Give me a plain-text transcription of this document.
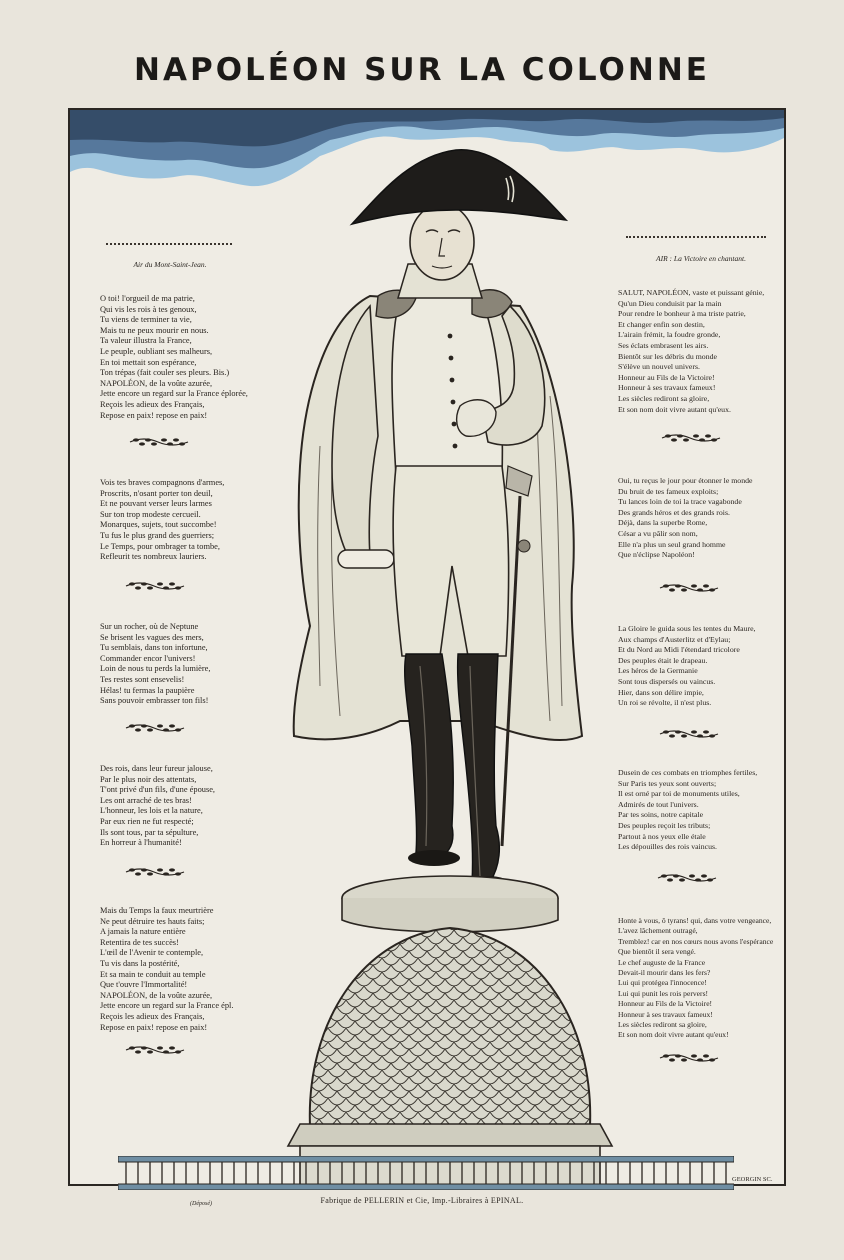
NAPOLÉON SUR LA COLONNE

Air du Mont-Saint-Jean.

O toi! l'orgueil de ma patrie,
Qui vis les rois à tes genoux,
Tu viens de terminer ta vie,
Mais tu ne peux mourir en nous.
Ta valeur illustra la France,
Le peuple, oubliant ses malheurs,
En toi mettait son espérance,
Ton trépas (fait couler ses pleurs. Bis.)
NAPOLÉON, de la voûte azurée,
Jette encore un regard sur la France éplorée,
Reçois les adieux des Français,
Repose en paix! repose en paix!

Vois tes braves compagnons d'armes,
Proscrits, n'osant porter ton deuil,
Et ne pouvant verser leurs larmes
Sur ton trop modeste cercueil.
Monarques, sujets, tout succombe!
Tu fus le plus grand des guerriers;
Le Temps, pour ombrager ta tombe,
Refleurit tes nombreux lauriers.

Sur un rocher, où de Neptune
Se brisent les vagues des mers,
Tu semblais, dans ton infortune,
Commander encor l'univers!
Loin de nous tu perds la lumière,
Tes restes sont ensevelis!
Hélas! tu fermas la paupière
Sans pouvoir embrasser ton fils!

Des rois, dans leur fureur jalouse,
Par le plus noir des attentats,
T'ont privé d'un fils, d'une épouse,
Les ont arraché de tes bras!
L'honneur, les lois et la nature,
Par eux rien ne fut respecté;
Ils sont tous, par ta sépulture,
En horreur à l'humanité!

Mais du Temps la faux meurtrière
Ne peut détruire tes hauts faits;
A jamais la nature entière
Retentira de tes succès!
L'œil de l'Avenir te contemple,
Tu vis dans la postérité,
Et sa main te conduit au temple
Que t'ouvre l'Immortalité!
NAPOLÉON, de la voûte azurée,
Jette encore un regard sur la France épl.
Reçois les adieux des Français,
Repose en paix! repose en paix!

AIR : La Victoire en chantant.

SALUT, NAPOLÉON, vaste et puissant génie,
Qu'un Dieu conduisit par la main
Pour rendre le bonheur à ma triste patrie,
Et changer enfin son destin,
L'airain frémit, la foudre gronde,
Ses éclats embrasent les airs.
Bientôt sur les débris du monde
S'élève un nouvel univers.
Honneur au Fils de la Victoire!
Honneur à ses travaux fameux!
Les siècles rediront sa gloire,
Et son nom doit vivre autant qu'eux.

Oui, tu reçus le jour pour étonner le monde
Du bruit de tes fameux exploits;
Tu lances loin de toi la trace vagabonde
Des grands héros et des grands rois.
Déjà, dans la superbe Rome,
César a vu pâlir son nom,
Elle n'a plus un seul grand homme
Que n'éclipse Napoléon!

La Gloire le guida sous les tentes du Maure,
Aux champs d'Austerlitz et d'Eylau;
Et du Nord au Midi l'étendard tricolore
Des peuples était le drapeau.
Les héros de la Germanie
Sont tous dispersés ou vaincus.
Hier, dans son délire impie,
Un roi se révolte, il n'est plus.

Dusein de ces combats en triomphes fertiles,
Sur Paris tes yeux sont ouverts;
Il est orné par toi de monuments utiles,
Admirés de tout l'univers.
Par tes soins, notre capitale
Des peuples reçoit les tributs;
Partout à nos yeux elle étale
Les dépouilles des rois vaincus.

Honte à vous, ô tyrans! qui, dans votre vengeance,
L'avez lâchement outragé,
Tremblez! car en nos cœurs nous avons l'espérance
Que bientôt il sera vengé.
Le chef auguste de la France
Devait-il mourir dans les fers?
Lui qui protégea l'innocence!
Lui qui punit les rois pervers!
Honneur au Fils de la Victoire!
Honneur à ses travaux fameux!
Les siècles rediront sa gloire,
Et son nom doit vivre autant qu'eux!

GEORGIN SC.
(Déposé)	Fabrique de PELLERIN et Cie, Imp.-Libraires à EPINAL.
